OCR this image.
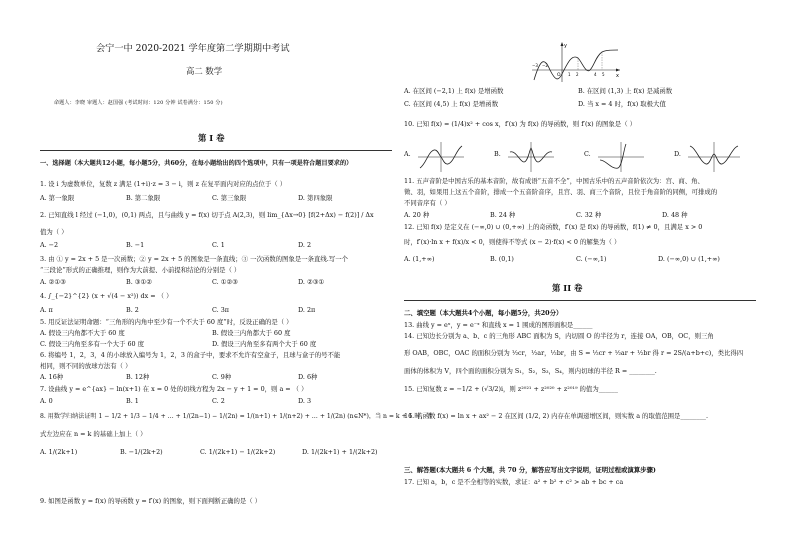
会宁一中 2020-2021 学年度第二学期期中考试
高二 数学
命题人：李晓 审题人：赵国强 (考试时间：120 分钟 试卷满分：150 分)
第 I 卷
一、选择题（本大题共12小题，每小题5分，共60分，在每小题给出的四个选项中，只有一项是符合题目要求的）
1. 设 i 为虚数单位，复数 z 满足 (1+i)·z = 3 − i，则 z 在复平面内对应的点位于（ ）
A. 第一象限	B. 第二象限	C. 第三象限	D. 第四象限
2. 已知直线 l 经过 (−1,0)，(0,1) 两点，且与曲线 y = f(x) 切于点 A(2,3)，则 lim_{Δx→0} [f(2+Δx) − f(2)] / Δx
值为（ ）
A. −2	B. −1	C. 1	D. 2
3. 由 ① y = 2x + 5 是一次函数；② y = 2x + 5 的图象是一条直线；③ 一次函数的图象是一条直线.写一个
“三段论”形式的正确推理，则作为大前提、小前提和结论的分别是（ ）
A. ②①③	B. ③①②	C. ①②③	D. ②③①
4. ∫_{−2}^{2} (x + √(4 − x²)) dx = （ ）
A. π	B. 2	C. 3π	D. 2π
5. 用反证法证明命题：“三角形的内角中至少有一个不大于 60 度”时，反设正确的是（ ）
A. 假设三内角都不大于 60 度	B. 假设三内角都大于 60 度
C. 假设三内角至多有一个大于 60 度	D. 假设三内角至多有两个大于 60 度
6. 将编号 1，2，3，4 的小球放入编号为 1，2，3 的盒子中，要求不允许有空盒子，且球与盒子的号不能
相同，则不同的放球方法有（ ）
A. 16种	B. 12种	C. 9种	D. 6种
7. 设曲线 y = e^{ax} − ln(x+1) 在 x = 0 处的切线方程为 2x − y + 1 = 0，则 a = （ ）
A. 0	B. 1	C. 2	D. 3
8. 用数学归纳法证明 1 − 1/2 + 1/3 − 1/4 + … + 1/(2n−1) − 1/(2n) = 1/(n+1) + 1/(n+2) + … + 1/(2n) (n∈N*)，当 n = k + 1 时，等
式左边应在 n = k 的基础上加上（ ）
A. 1/(2k+1)	B. −1/(2k+2)	C. 1/(2k+1) − 1/(2k+2)	D. 1/(2k+1) + 1/(2k+2)
9. 如图是函数 y = f(x) 的导函数 y = f′(x) 的图象，则下面判断正确的是（ ）
y
x
O
−3 −2
1 2	4 5
A. 在区间 (−2,1) 上 f(x) 是增函数	B. 在区间 (1,3) 上 f(x) 是减函数
C. 在区间 (4,5) 上 f(x) 是增函数	D. 当 x = 4 时，f(x) 取极大值
10. 已知 f(x) = (1/4)x² + cos x，f′(x) 为 f(x) 的导函数，则 f′(x) 的图象是（ ）
A.	B.	C.	D.
11. 五声音阶是中国古乐的基本音阶，故有成语“五音不全”，中国古乐中的五声音阶依次为：宫、商、角、
徵、羽，如果用上这五个音阶，排成一个五音阶音序，且宫、羽、商三个音阶，且位于角音阶的同侧，可排成的
不同音序有（ ）
A. 20 种	B. 24 种	C. 32 种	D. 48 种
12. 已知 f(x) 是定义在 (−∞,0) ∪ (0,+∞) 上的奇函数，f′(x) 是 f(x) 的导函数，f(1) ≠ 0，且满足 x > 0
时，f′(x)·ln x + f(x)/x < 0，则使得不等式 (x − 2)·f(x) < 0 的解集为（ ）
A. (1,+∞)	B. (0,1)	C. (−∞,1)	D. (−∞,0) ∪ (1,+∞)
第 II 卷
二、填空题（本大题共4个小题，每小题5分，共20分）
13. 曲线 y = eˣ，y = e⁻ˣ 和直线 x = 1 围成的图形面积是______
14. 已知边长分别为 a、b、c 的三角形 ABC 面积为 S，内切圆 O 的半径为 r，连接 OA，OB，OC，则三角
形 OAB，OBC，OAC 的面积分别为 ½cr，½ar，½br，由 S = ½cr + ½ar + ½br 得 r = 2S/(a+b+c)，类比得四
面体的体积为 V，四个面的面积分别为 S₁，S₂，S₃，S₄，则内切球的半径 R = ________.
15. 已知复数 z = −1/2 + (√3/2)i，则 z²⁰²¹ + z²⁰²⁰ + z²⁰¹⁹ 的值为______
16. 若函数 f(x) = ln x + ax² − 2 在区间 (1/2, 2) 内存在单调递增区间，则实数 a 的取值范围是________.
三、解答题(本大题共 6 个大题，共 70 分，解答应写出文字说明，证明过程或演算步骤)
17. 已知 a，b，c 是不全相等的实数，求证：a² + b² + c² > ab + bc + ca
